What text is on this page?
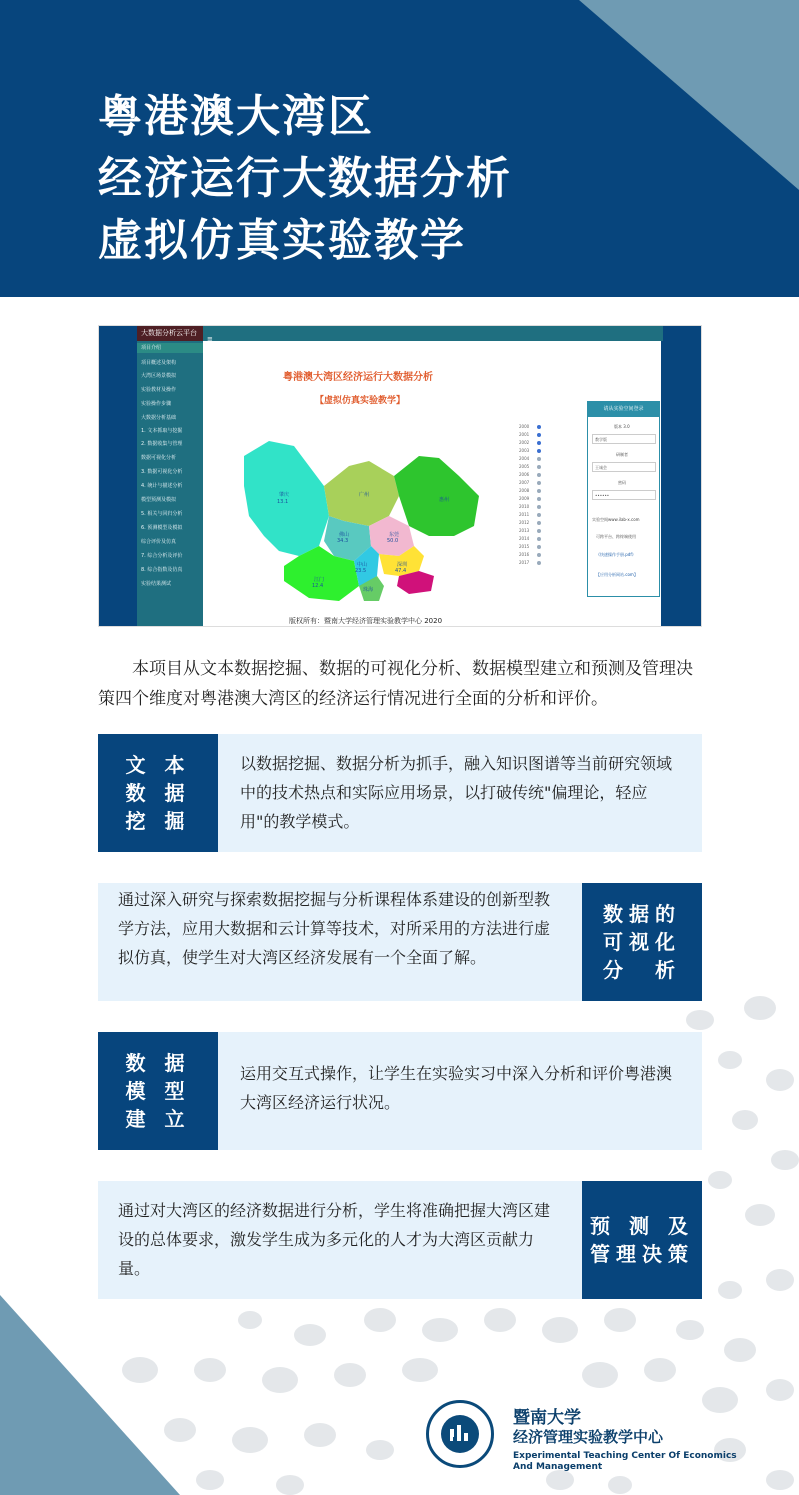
粤港澳大湾区
经济运行大数据分析
虚拟仿真实验教学
大数据分析云平台
≡
项目介绍
项目概述及架构
大湾区场景模拟
实验教材及操作
实验操作步骤
大数据分析基础
1. 文本抓取与挖掘
2. 数据收集与管理
数据可视化分析
3. 数据可视化分析
4. 统计与描述分析
模型预测及模拟
5. 相关与回归分析
6. 预测模型及模拟
综合评价及仿真
7. 综合分析及评价
8. 综合指数及仿真
实验结果测试
粤港澳大湾区经济运行大数据分析
【虚拟仿真实验教学】
肇庆
13.1
广州
佛山
34.3
惠州
东莞
50.0
中山
23.5
深圳
47.4
江门
12.4
珠海
2000
2001
2002
2003
2004
2005
2006
2007
2008
2009
2010
2011
2012
2013
2014
2015
2016
2017
请从实验空间登录
版本 3.0
教学版
研制者
王诚会
密码
••••••
实验空间www.ilab-x.com
可跨平台、跨终端使用
《快速操作手册.pdf》
【应用分析网站.com】
版权所有：暨南大学经济管理实验教学中心 2020

本项目从文本数据挖掘、数据的可视化分析、数据模型建立和预测及管理决策四个维度对粤港澳大湾区的经济运行情况进行全面的分析和评价。

文 本
数 据
挖 掘
以数据挖掘、数据分析为抓手，融入知识图谱等当前研究领域中的技术热点和实际应用场景，以打破传统"偏理论，轻应用"的教学模式。
通过深入研究与探索数据挖掘与分析课程体系建设的创新型教学方法，应用大数据和云计算等技术，对所采用的方法进行虚拟仿真，使学生对大湾区经济发展有一个全面了解。
数据的
可视化
分　析
数 据
模 型
建 立
运用交互式操作，让学生在实验实习中深入分析和评价粤港澳大湾区经济运行状况。
通过对大湾区的经济数据进行分析，学生将准确把握大湾区建设的总体要求，激发学生成为多元化的人才为大湾区贡献力量。
预 测 及
管理决策
暨南大学
经济管理实验教学中心
Experimental Teaching Center Of Economics
And Management
m.tjngsx
